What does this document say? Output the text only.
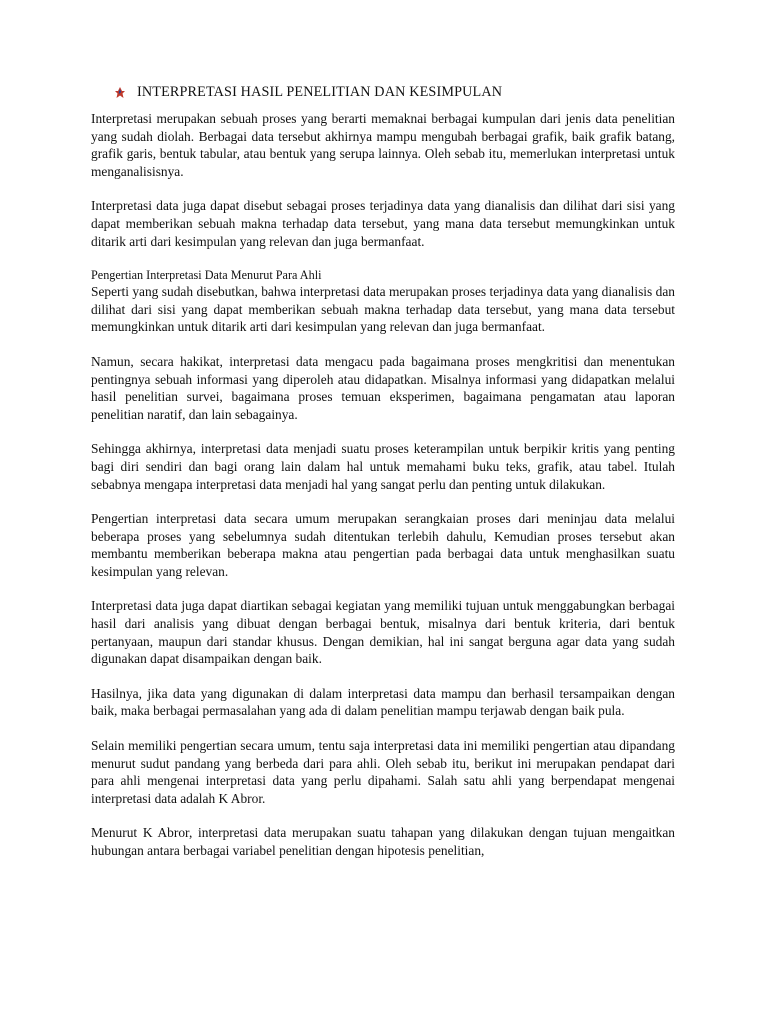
INTERPRETASI HASIL PENELITIAN DAN KESIMPULAN

Interpretasi merupakan sebuah proses yang berarti memaknai berbagai kumpulan dari jenis data penelitian yang sudah diolah. Berbagai data tersebut akhirnya mampu mengubah berbagai grafik, baik grafik batang, grafik garis, bentuk tabular, atau bentuk yang serupa lainnya. Oleh sebab itu, memerlukan interpretasi untuk menganalisisnya.

Interpretasi data juga dapat disebut sebagai proses terjadinya data yang dianalisis dan dilihat dari sisi yang dapat memberikan sebuah makna terhadap data tersebut, yang mana data tersebut memungkinkan untuk ditarik arti dari kesimpulan yang relevan dan juga bermanfaat.

Pengertian Interpretasi Data Menurut Para Ahli

Seperti yang sudah disebutkan, bahwa interpretasi data merupakan proses terjadinya data yang dianalisis dan dilihat dari sisi yang dapat memberikan sebuah makna terhadap data tersebut, yang mana data tersebut memungkinkan untuk ditarik arti dari kesimpulan yang relevan dan juga bermanfaat.

Namun, secara hakikat, interpretasi data mengacu pada bagaimana proses mengkritisi dan menentukan pentingnya sebuah informasi yang diperoleh atau didapatkan. Misalnya informasi yang didapatkan melalui hasil penelitian survei, bagaimana proses temuan eksperimen, bagaimana pengamatan atau laporan penelitian naratif, dan lain sebagainya.

Sehingga akhirnya, interpretasi data menjadi suatu proses keterampilan untuk berpikir kritis yang penting bagi diri sendiri dan bagi orang lain dalam hal untuk memahami buku teks, grafik, atau tabel. Itulah sebabnya mengapa interpretasi data menjadi hal yang sangat perlu dan penting untuk dilakukan.

Pengertian interpretasi data secara umum merupakan serangkaian proses dari meninjau data melalui beberapa proses yang sebelumnya sudah ditentukan terlebih dahulu, Kemudian proses tersebut akan membantu memberikan beberapa makna atau pengertian pada berbagai data untuk menghasilkan suatu kesimpulan yang relevan.

Interpretasi data juga dapat diartikan sebagai kegiatan yang memiliki tujuan untuk menggabungkan berbagai hasil dari analisis yang dibuat dengan berbagai bentuk, misalnya dari bentuk kriteria, dari bentuk pertanyaan, maupun dari standar khusus. Dengan demikian, hal ini sangat berguna agar data yang sudah digunakan dapat disampaikan dengan baik.

Hasilnya, jika data yang digunakan di dalam interpretasi data mampu dan berhasil tersampaikan dengan baik, maka berbagai permasalahan yang ada di dalam penelitian mampu terjawab dengan baik pula.

Selain memiliki pengertian secara umum, tentu saja interpretasi data ini memiliki pengertian atau dipandang menurut sudut pandang yang berbeda dari para ahli. Oleh sebab itu, berikut ini merupakan pendapat dari para ahli mengenai interpretasi data yang perlu dipahami. Salah satu ahli yang berpendapat mengenai interpretasi data adalah K Abror.

Menurut K Abror, interpretasi data merupakan suatu tahapan yang dilakukan dengan tujuan mengaitkan hubungan antara berbagai variabel penelitian dengan hipotesis penelitian,
